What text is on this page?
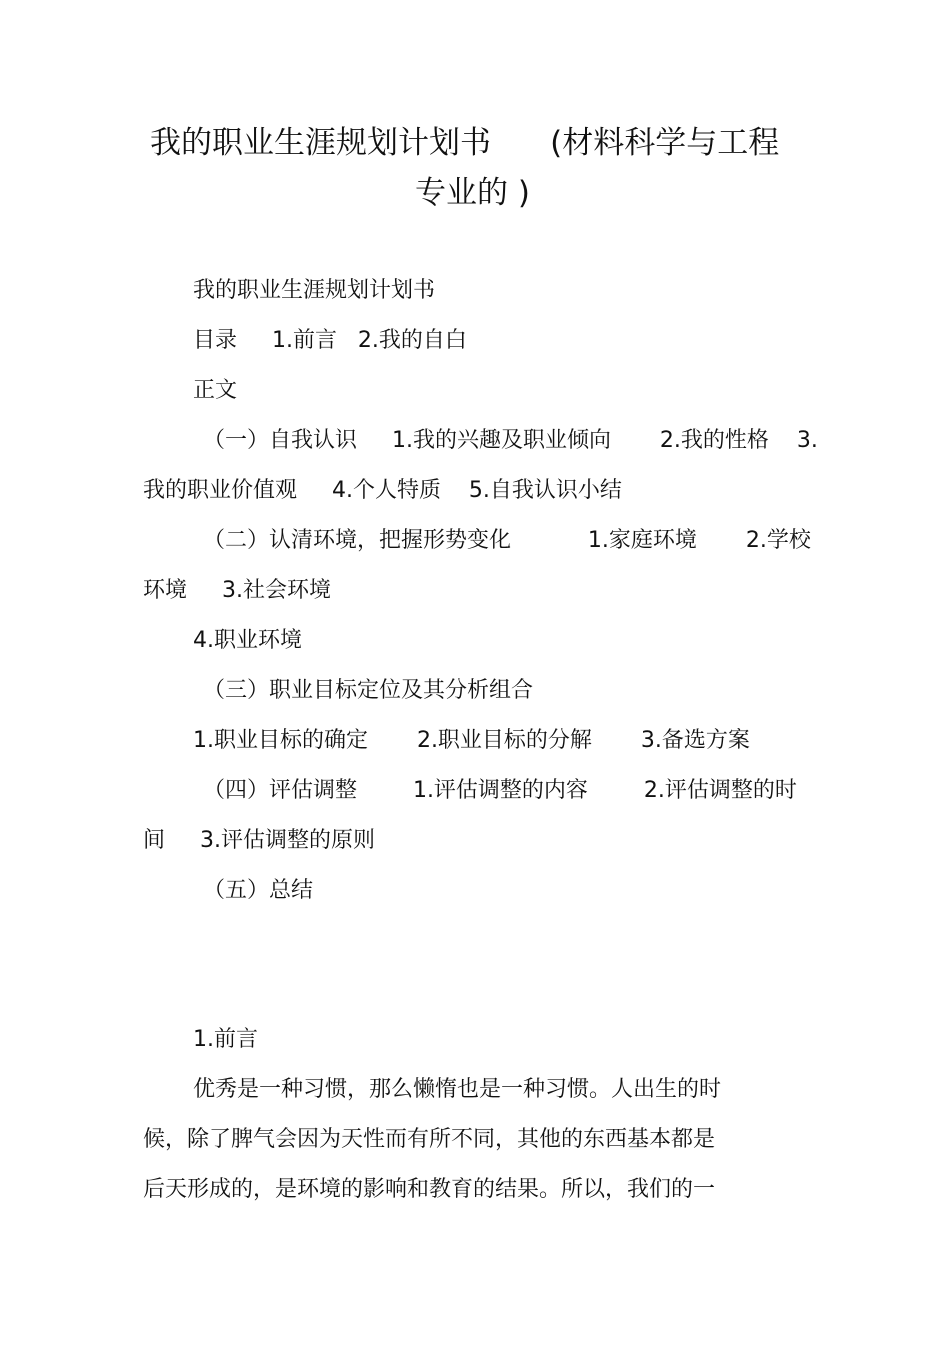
我的职业生涯规划计划书      (材料科学与工程
专业的 )
我的职业生涯规划计划书
目录     1.前言   2.我的自白
正文
（一）自我认识     1.我的兴趣及职业倾向       2.我的性格    3.
我的职业价值观     4.个人特质    5.自我认识小结
（二）认清环境，把握形势变化           1.家庭环境       2.学校
环境     3.社会环境
4.职业环境
（三）职业目标定位及其分析组合
1.职业目标的确定       2.职业目标的分解       3.备选方案
（四）评估调整        1.评估调整的内容        2.评估调整的时
间     3.评估调整的原则
（五）总结
1.前言
优秀是一种习惯，那么懒惰也是一种习惯。人出生的时
候，除了脾气会因为天性而有所不同，其他的东西基本都是
后天形成的，是环境的影响和教育的结果。所以，我们的一
